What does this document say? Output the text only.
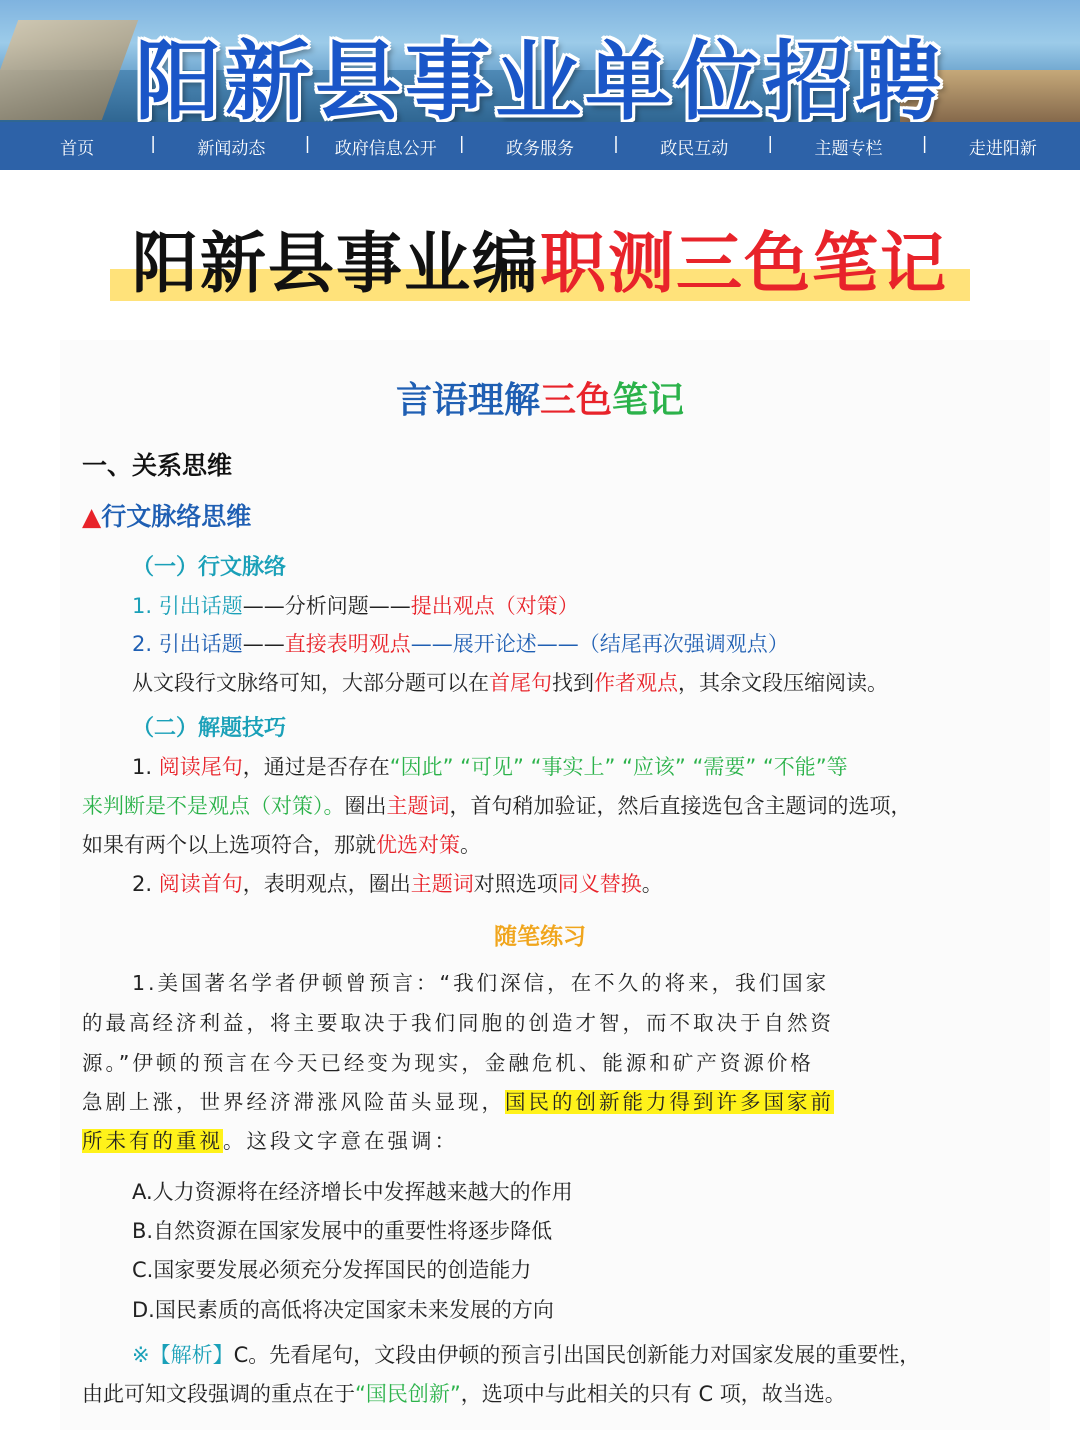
阳新县事业单位招聘
首页	| 新闻动态	| 政府信息公开	| 政务服务	| 政民互动	| 主题专栏	| 走进阳新
阳新县事业编职测三色笔记
言语理解三色笔记
一、关系思维
▲行文脉络思维
（一）行文脉络
1. 引出话题——分析问题——提出观点（对策）
2. 引出话题——直接表明观点——展开论述——（结尾再次强调观点）
从文段行文脉络可知，大部分题可以在首尾句找到作者观点，其余文段压缩阅读。
（二）解题技巧
1. 阅读尾句，通过是否存在“因此” “可见” “事实上” “应该” “需要” “不能”等
来判断是不是观点（对策）。圈出主题词，首句稍加验证，然后直接选包含主题词的选项，
如果有两个以上选项符合，那就优选对策。
2. 阅读首句，表明观点，圈出主题词对照选项同义替换。
随笔练习
1.美国著名学者伊顿曾预言：“我们深信，在不久的将来，我们国家
的最高经济利益，将主要取决于我们同胞的创造才智，而不取决于自然资
源。”伊顿的预言在今天已经变为现实，金融危机、能源和矿产资源价格
急剧上涨，世界经济滞涨风险苗头显现，国民的创新能力得到许多国家前
所未有的重视。这段文字意在强调：
A.人力资源将在经济增长中发挥越来越大的作用
B.自然资源在国家发展中的重要性将逐步降低
C.国家要发展必须充分发挥国民的创造能力
D.国民素质的高低将决定国家未来发展的方向
※【解析】C。先看尾句，文段由伊顿的预言引出国民创新能力对国家发展的重要性，
由此可知文段强调的重点在于“国民创新”，选项中与此相关的只有 C 项，故当选。
